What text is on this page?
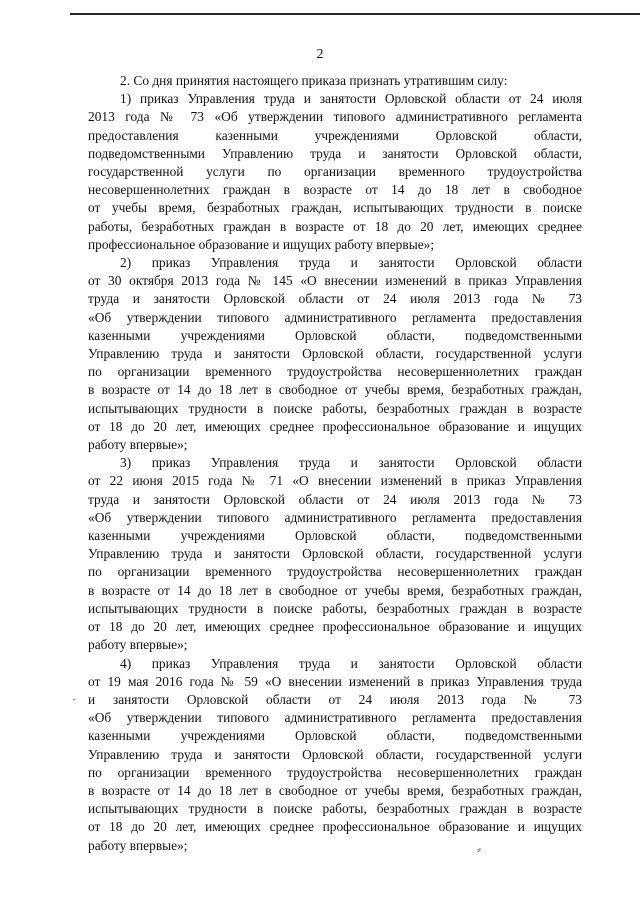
2

2. Со дня принятия настоящего приказа признать утратившим силу:

1) приказ Управления труда и занятости Орловской области от 24 июля
2013 года № 73 «Об утверждении типового административного регламента
предоставления казенными учреждениями Орловской области,
подведомственными Управлению труда и занятости Орловской области,
государственной услуги по организации временного трудоустройства
несовершеннолетних граждан в возрасте от 14 до 18 лет в свободное
от учебы время, безработных граждан, испытывающих трудности в поиске
работы, безработных граждан в возрасте от 18 до 20 лет, имеющих среднее
профессиональное образование и ищущих работу впервые»;
2) приказ Управления труда и занятости Орловской области
от 30 октября 2013 года № 145 «О внесении изменений в приказ Управления
труда и занятости Орловской области от 24 июля 2013 года № 73
«Об утверждении типового административного регламента предоставления
казенными учреждениями Орловской области, подведомственными
Управлению труда и занятости Орловской области, государственной услуги
по организации временного трудоустройства несовершеннолетних граждан
в возрасте от 14 до 18 лет в свободное от учебы время, безработных граждан,
испытывающих трудности в поиске работы, безработных граждан в возрасте
от 18 до 20 лет, имеющих среднее профессиональное образование и ищущих
работу впервые»;
3) приказ Управления труда и занятости Орловской области
от 22 июня 2015 года № 71 «О внесении изменений в приказ Управления
труда и занятости Орловской области от 24 июля 2013 года № 73
«Об утверждении типового административного регламента предоставления
казенными учреждениями Орловской области, подведомственными
Управлению труда и занятости Орловской области, государственной услуги
по организации временного трудоустройства несовершеннолетних граждан
в возрасте от 14 до 18 лет в свободное от учебы время, безработных граждан,
испытывающих трудности в поиске работы, безработных граждан в возрасте
от 18 до 20 лет, имеющих среднее профессиональное образование и ищущих
работу впервые»;
4) приказ Управления труда и занятости Орловской области
от 19 мая 2016 года № 59 «О внесении изменений в приказ Управления труда
и занятости Орловской области от 24 июля 2013 года № 73
«Об утверждении типового административного регламента предоставления
казенными учреждениями Орловской области, подведомственными
Управлению труда и занятости Орловской области, государственной услуги
по организации временного трудоустройства несовершеннолетних граждан
в возрасте от 14 до 18 лет в свободное от учебы время, безработных граждан,
испытывающих трудности в поиске работы, безработных граждан в возрасте
от 18 до 20 лет, имеющих среднее профессиональное образование и ищущих
работу впервые»;	⸗
ˊ
